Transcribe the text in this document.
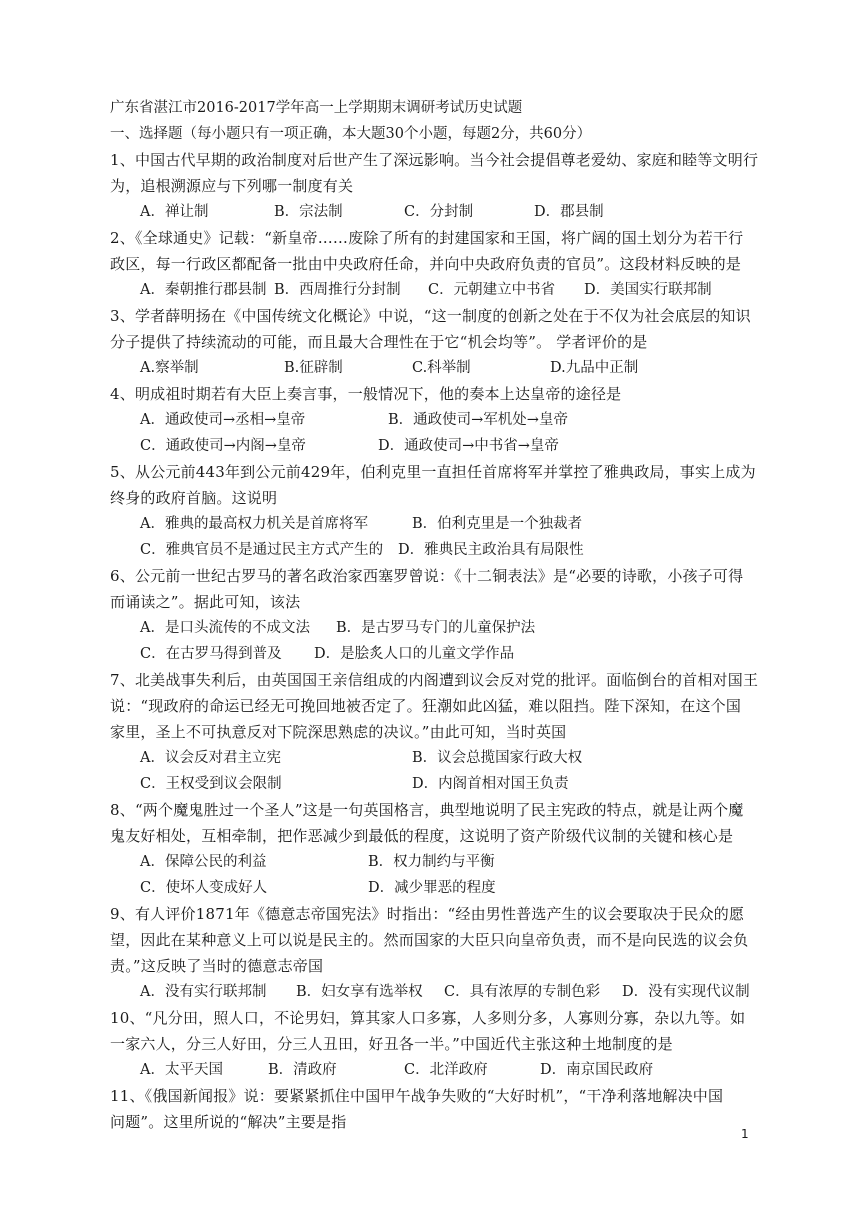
广东省湛江市2016-2017学年高一上学期期末调研考试历史试题
一、选择题（每小题只有一项正确，本大题30个小题，每题2分，共60分）
1、中国古代早期的政治制度对后世产生了深远影响。当今社会提倡尊老爱幼、家庭和睦等文明行
为，追根溯源应与下列哪一制度有关
A．禅让制	B．宗法制	C．分封制	D．郡县制
2、《全球通史》记载：“新皇帝……废除了所有的封建国家和王国，将广阔的国土划分为若干行
政区，每一行政区都配备一批由中央政府任命，并向中央政府负责的官员”。这段材料反映的是
A．秦朝推行郡县制 B．西周推行分封制 C．元朝建立中书省 D．美国实行联邦制
3、学者薛明扬在《中国传统文化概论》中说，“这一制度的创新之处在于不仅为社会底层的知识
分子提供了持续流动的可能，而且最大合理性在于它“机会均等”。 学者评价的是
A.察举制	B.征辟制	C.科举制	D.九品中正制
4、明成祖时期若有大臣上奏言事，一般情况下，他的奏本上达皇帝的途径是
A．通政使司→丞相→皇帝	B．通政使司→军机处→皇帝
C．通政使司→内阁→皇帝	D．通政使司→中书省→皇帝
5、从公元前443年到公元前429年，伯利克里一直担任首席将军并掌控了雅典政局，事实上成为
终身的政府首脑。这说明
A．雅典的最高权力机关是首席将军	B．伯利克里是一个独裁者
C．雅典官员不是通过民主方式产生的 D．雅典民主政治具有局限性
6、公元前一世纪古罗马的著名政治家西塞罗曾说：《十二铜表法》是“必要的诗歌，小孩子可得
而诵读之”。据此可知，该法
A．是口头流传的不成文法 B．是古罗马专门的儿童保护法
C．在古罗马得到普及 D．是脍炙人口的儿童文学作品
7、北美战事失利后，由英国国王亲信组成的内阁遭到议会反对党的批评。面临倒台的首相对国王
说：“现政府的命运已经无可挽回地被否定了。狂潮如此凶猛，难以阻挡。陛下深知，在这个国
家里，圣上不可执意反对下院深思熟虑的决议。”由此可知，当时英国
A．议会反对君主立宪	B．议会总揽国家行政大权
C．王权受到议会限制	D．内阁首相对国王负责
8、“两个魔鬼胜过一个圣人”这是一句英国格言，典型地说明了民主宪政的特点，就是让两个魔
鬼友好相处，互相牵制，把作恶减少到最低的程度，这说明了资产阶级代议制的关键和核心是
A．保障公民的利益	B．权力制约与平衡
C．使坏人变成好人	D．减少罪恶的程度
9、有人评价1871年《德意志帝国宪法》时指出：“经由男性普选产生的议会要取决于民众的愿
望，因此在某种意义上可以说是民主的。然而国家的大臣只向皇帝负责，而不是向民选的议会负
责。”这反映了当时的德意志帝国
A．没有实行联邦制 B．妇女享有选举权 C．具有浓厚的专制色彩 D．没有实现代议制
10、“凡分田，照人口，不论男妇，算其家人口多寡，人多则分多，人寡则分寡，杂以九等。如
一家六人，分三人好田，分三人丑田，好丑各一半。”中国近代主张这种土地制度的是
A．太平天国	B．清政府	C．北洋政府	D．南京国民政府
11、《俄国新闻报》说：要紧紧抓住中国甲午战争失败的“大好时机”，“干净利落地解决中国
问题”。这里所说的“解决”主要是指
1
